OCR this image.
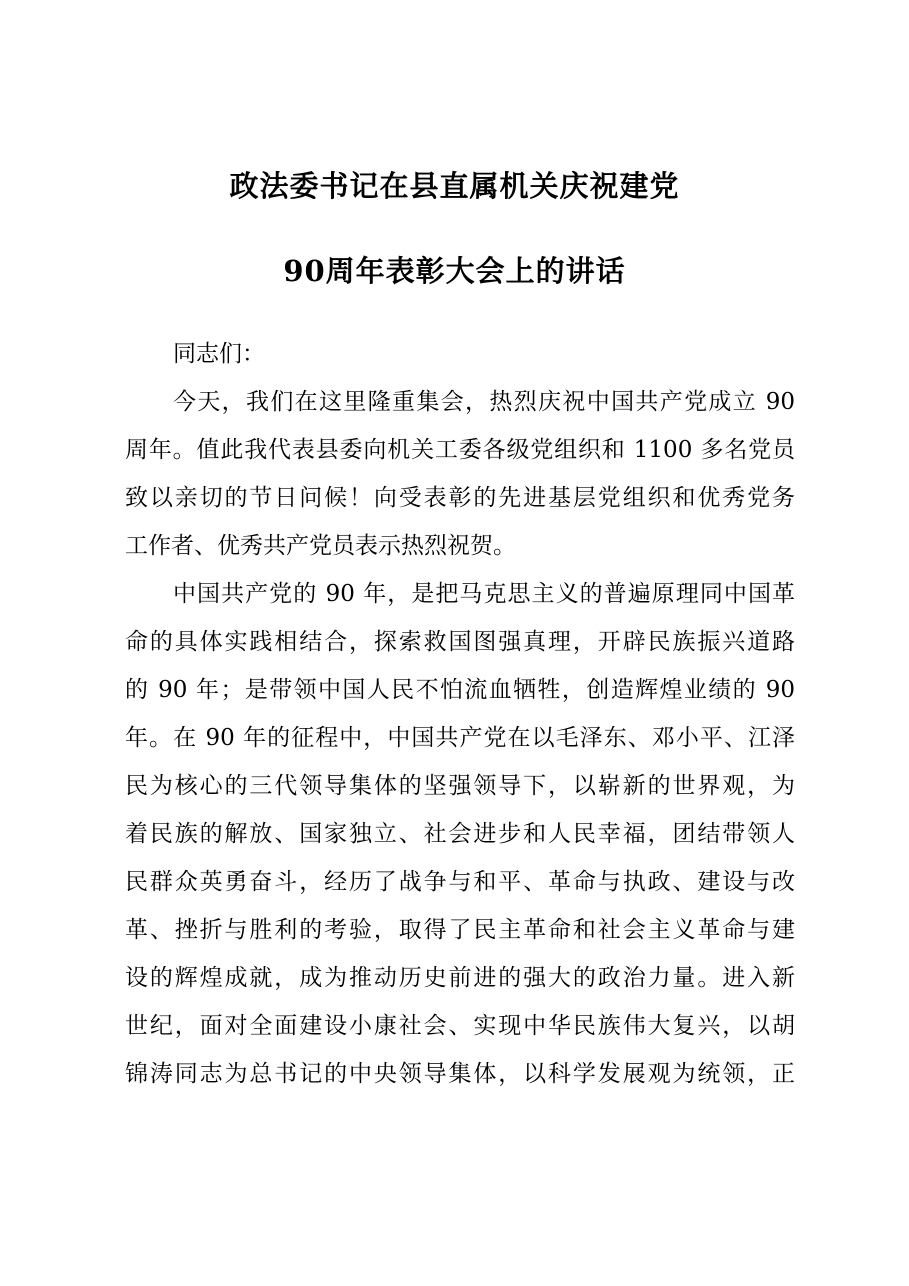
政法委书记在县直属机关庆祝建党
90周年表彰大会上的讲话
同志们：
今天，我们在这里隆重集会，热烈庆祝中国共产党成立 90
周年。值此我代表县委向机关工委各级党组织和 1100 多名党员
致以亲切的节日问候！向受表彰的先进基层党组织和优秀党务
工作者、优秀共产党员表示热烈祝贺。
中国共产党的 90 年，是把马克思主义的普遍原理同中国革
命的具体实践相结合，探索救国图强真理，开辟民族振兴道路
的 90 年；是带领中国人民不怕流血牺牲，创造辉煌业绩的 90
年。在 90 年的征程中，中国共产党在以毛泽东、邓小平、江泽
民为核心的三代领导集体的坚强领导下，以崭新的世界观，为
着民族的解放、国家独立、社会进步和人民幸福，团结带领人
民群众英勇奋斗，经历了战争与和平、革命与执政、建设与改
革、挫折与胜利的考验，取得了民主革命和社会主义革命与建
设的辉煌成就，成为推动历史前进的强大的政治力量。进入新
世纪，面对全面建设小康社会、实现中华民族伟大复兴，以胡
锦涛同志为总书记的中央领导集体，以科学发展观为统领，正
